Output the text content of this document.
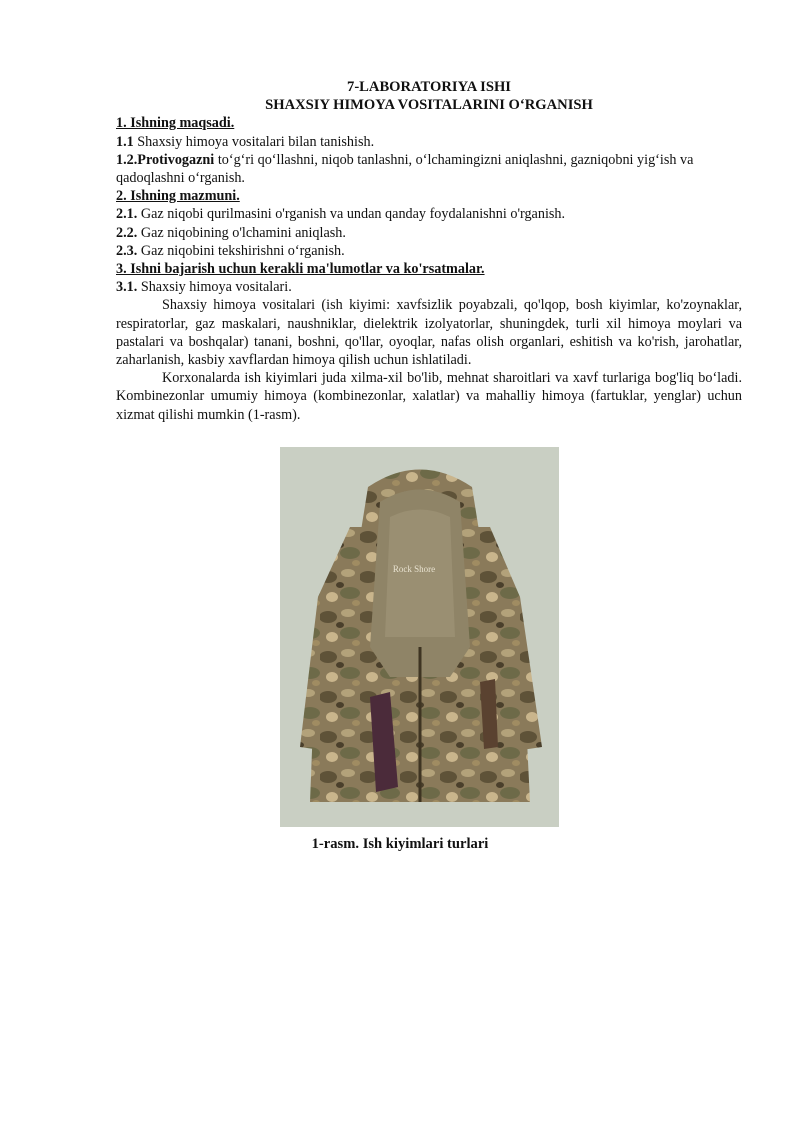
7-LABORATORIYA ISHI
SHAXSIY HIMOYA VOSITALARINI O‘RGANISH

1. Ishning maqsadi.

1.1 Shaxsiy himoya vositalari bilan tanishish.

1.2.Protivogazni to‘g‘ri qo‘llashni, niqob tanlashni, o‘lchamingizni aniqlashni, gazniqobni yig‘ish va qadoqlashni o‘rganish.

2. Ishning mazmuni.

2.1. Gaz niqobi qurilmasini o'rganish va undan qanday foydalanishni o'rganish.

2.2. Gaz niqobining o'lchamini aniqlash.

2.3. Gaz niqobini tekshirishni o‘rganish.

3. Ishni bajarish uchun kerakli ma'lumotlar va ko'rsatmalar.

3.1. Shaxsiy himoya vositalari.

Shaxsiy himoya vositalari (ish kiyimi: xavfsizlik poyabzali, qo'lqop, bosh kiyimlar, ko'zoynaklar, respiratorlar, gaz maskalari, naushniklar, dielektrik izolyatorlar, shuningdek, turli xil himoya moylari va pastalari va boshqalar) tanani, boshni, qo'llar, oyoqlar, nafas olish organlari, eshitish va ko'rish, jarohatlar, zaharlanish, kasbiy xavflardan himoya qilish uchun ishlatiladi.

Korxonalarda ish kiyimlari juda xilma-xil bo'lib, mehnat sharoitlari va xavf turlariga bog'liq bo‘ladi. Kombinezonlar umumiy himoya (kombinezonlar, xalatlar) va mahalliy himoya (fartuklar, yenglar) uchun xizmat qilishi mumkin (1-rasm).

Rock Shore
1-rasm. Ish kiyimlari turlari
